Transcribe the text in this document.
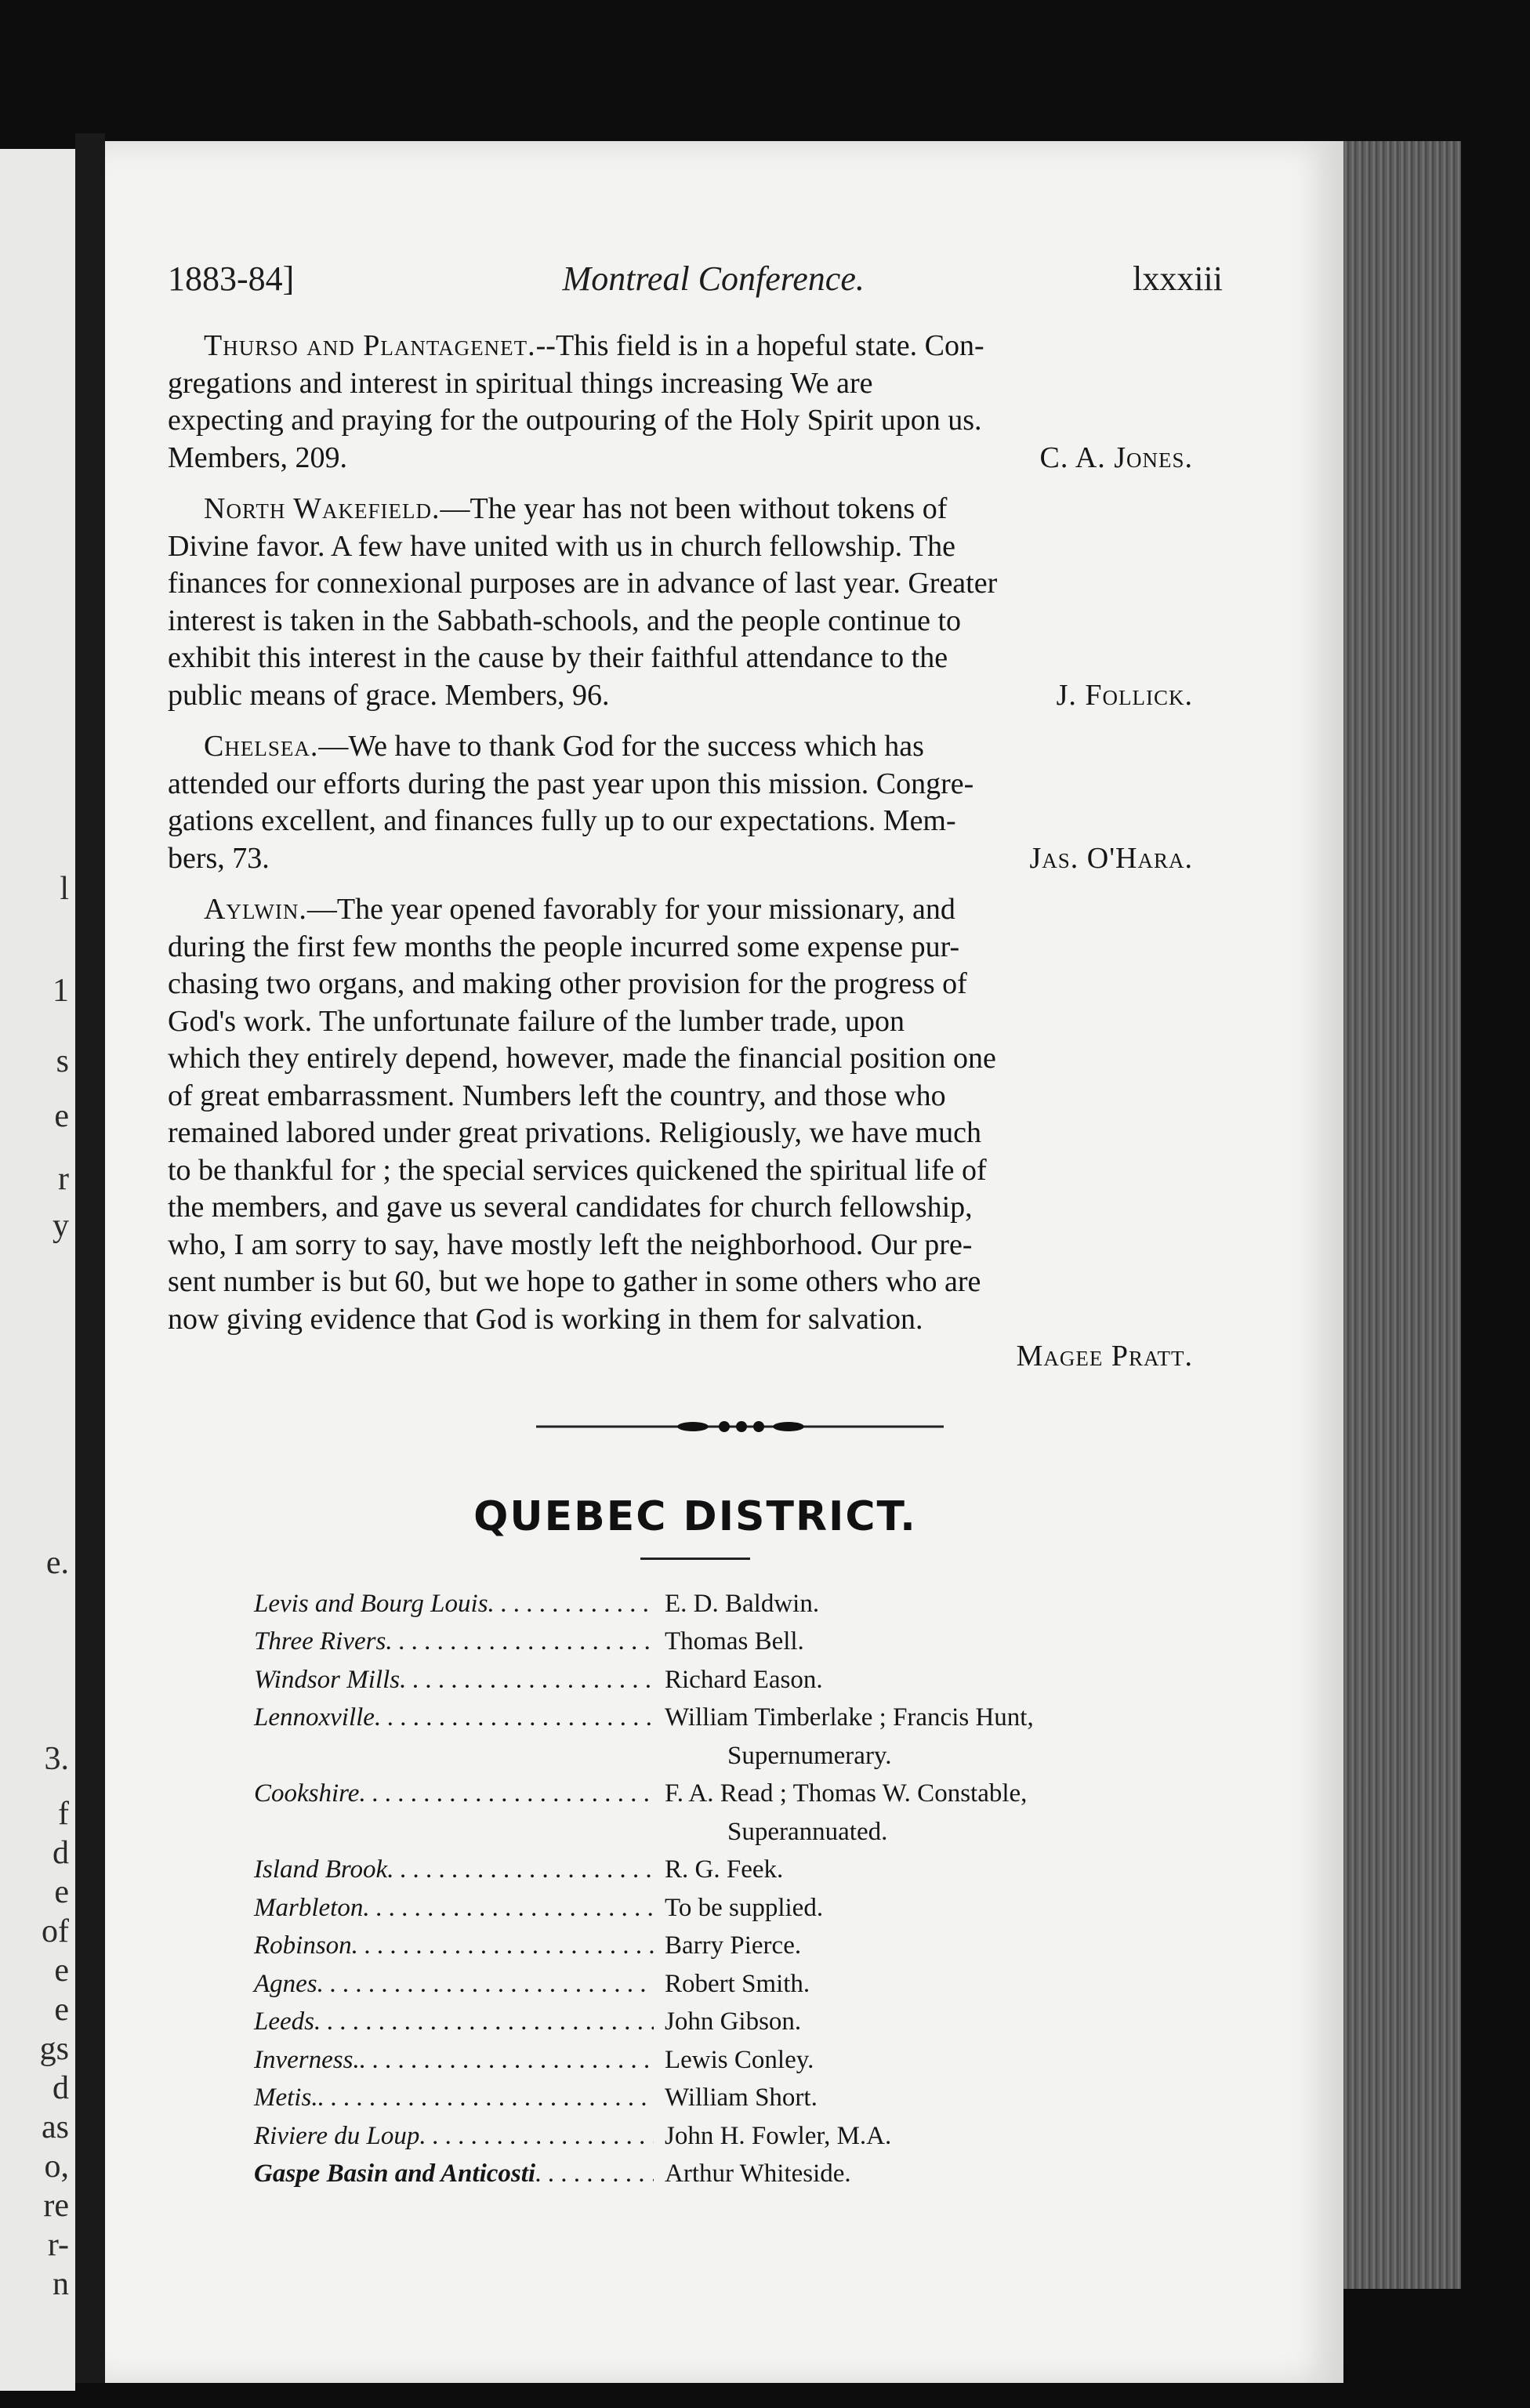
l
1
s
e
r
y
e.
3.
f
d
e
of
e
e
gs
d
as
o,
re
r-
n
1883-84]	Montreal Conference.	lxxxiii
Thurso and Plantagenet.--This field is in a hopeful state. Con-
gregations and interest in spiritual things increasing We are
expecting and praying for the outpouring of the Holy Spirit upon us.
Members, 209.	C. A. Jones.
North Wakefield.—The year has not been without tokens of
Divine favor. A few have united with us in church fellowship. The
finances for connexional purposes are in advance of last year. Greater
interest is taken in the Sabbath-schools, and the people continue to
exhibit this interest in the cause by their faithful attendance to the
public means of grace. Members, 96.	J. Follick.
Chelsea.—We have to thank God for the success which has
attended our efforts during the past year upon this mission. Congre-
gations excellent, and finances fully up to our expectations. Mem-
bers, 73.	Jas. O'Hara.
Aylwin.—The year opened favorably for your missionary, and
during the first few months the people incurred some expense pur-
chasing two organs, and making other provision for the progress of
God's work. The unfortunate failure of the lumber trade, upon
which they entirely depend, however, made the financial position one
of great embarrassment. Numbers left the country, and those who
remained labored under great privations. Religiously, we have much
to be thankful for ; the special services quickened the spiritual life of
the members, and gave us several candidates for church fellowship,
who, I am sorry to say, have mostly left the neighborhood. Our pre-
sent number is but 60, but we hope to gather in some others who are
now giving evidence that God is working in them for salvation.
Magee Pratt.
QUEBEC DISTRICT.
Levis and Bourg Louis . . .	E. D. Baldwin.
Three Rivers . . .	Thomas Bell.
Windsor Mills . . .	Richard Eason.
Lennoxville . . .	William Timberlake ; Francis Hunt,
Supernumerary.
Cookshire . . .	F. A. Read ; Thomas W. Constable,
Superannuated.
Island Brook . . .	R. G. Feek.
Marbleton . . .	To be supplied.
Robinson . . .	Barry Pierce.
Agnes . . .	Robert Smith.
Leeds . . .	John Gibson.
Inverness. . . .	Lewis Conley.
Metis. . . .	William Short.
Riviere du Loup . . .	John H. Fowler, M.A.
Gaspe Basin and Anticosti . . .	Arthur Whiteside.
